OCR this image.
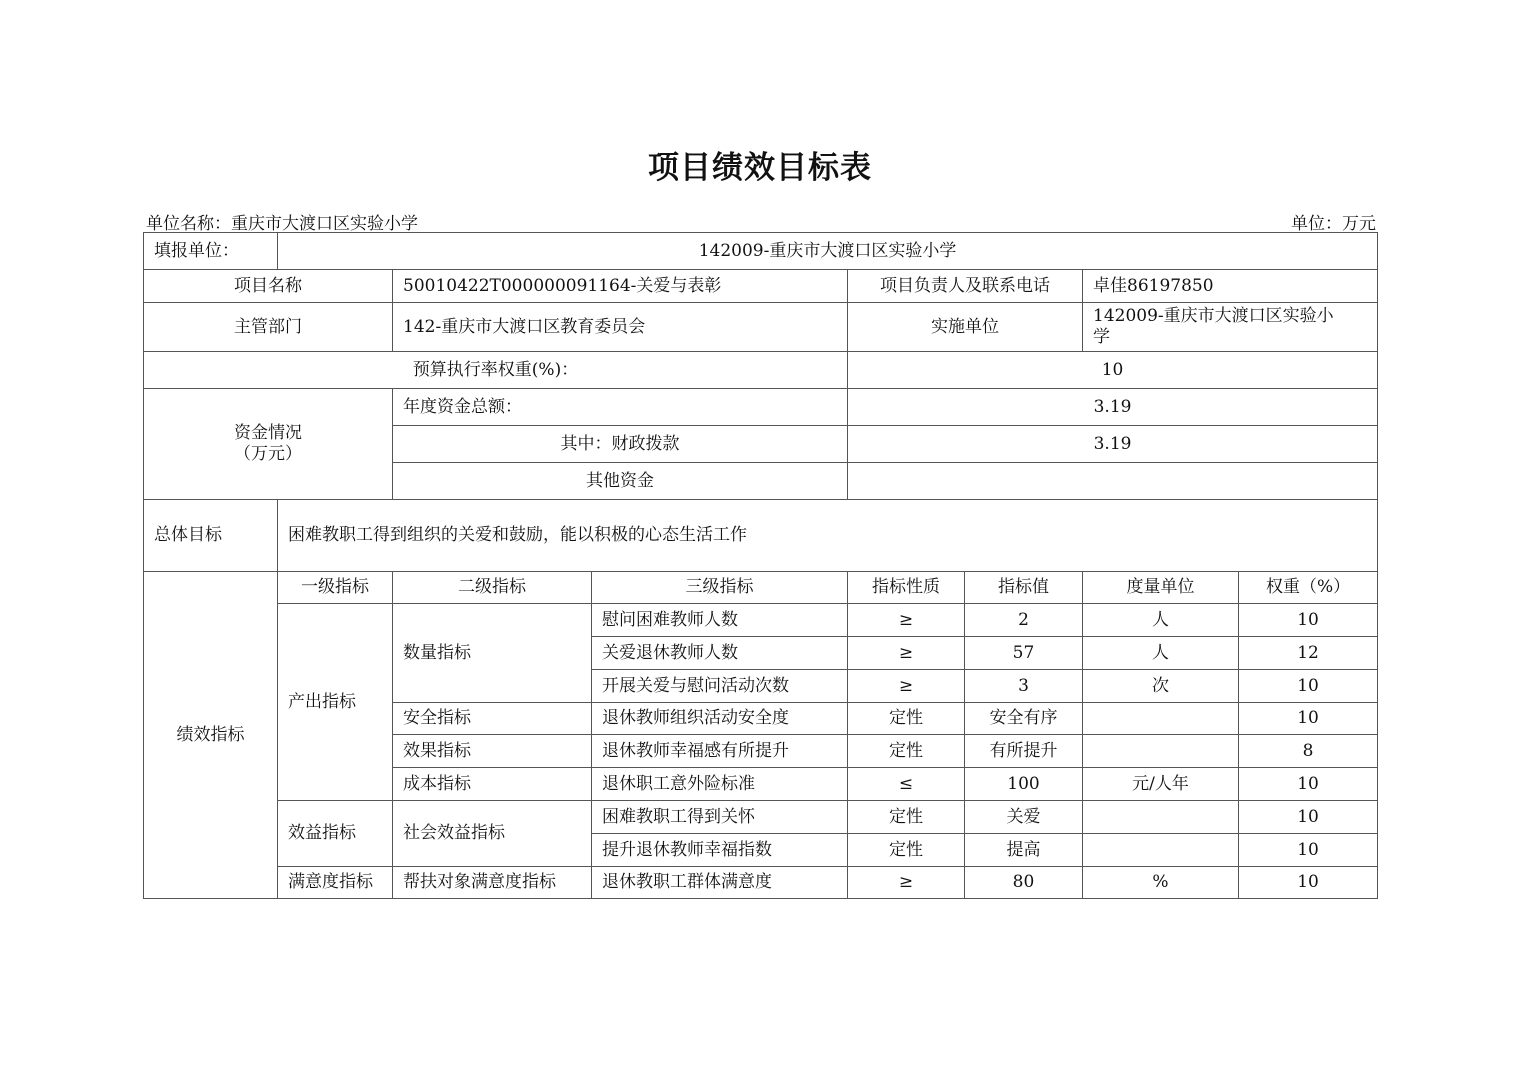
项目绩效目标表
单位名称：重庆市大渡口区实验小学	单位：万元
填报单位：	142009-重庆市大渡口区实验小学						
项目名称		50010422T000000091164-关爱与表彰		项目负责人及联系电话		卓佳86197850	
主管部门		142-重庆市大渡口区教育委员会		实施单位		142009-重庆市大渡口区实验小学	
预算执行率权重(%)：				10			

资金情况
（万元）		年度资金总额：		3.19			
		其中：财政拨款		3.19			
		其他资金					
总体目标	困难教职工得到组织的关爱和鼓励，能以积极的心态生活工作						
绩效指标	一级指标	二级指标	三级指标	指标性质	指标值	度量单位	权重（%）
	产出指标	数量指标	慰问困难教师人数	≥	2	人	10
			关爱退休教师人数	≥	57	人	12
			开展关爱与慰问活动次数	≥	3	次	10
		安全指标	退休教师组织活动安全度	定性	安全有序		10
		效果指标	退休教师幸福感有所提升	定性	有所提升		8
		成本指标	退休职工意外险标准	≤	100	元/人年	10
	效益指标	社会效益指标	困难教职工得到关怀	定性	关爱		10
			提升退休教师幸福指数	定性	提高		10
	满意度指标	帮扶对象满意度指标	退休教职工群体满意度	≥	80	%	10
